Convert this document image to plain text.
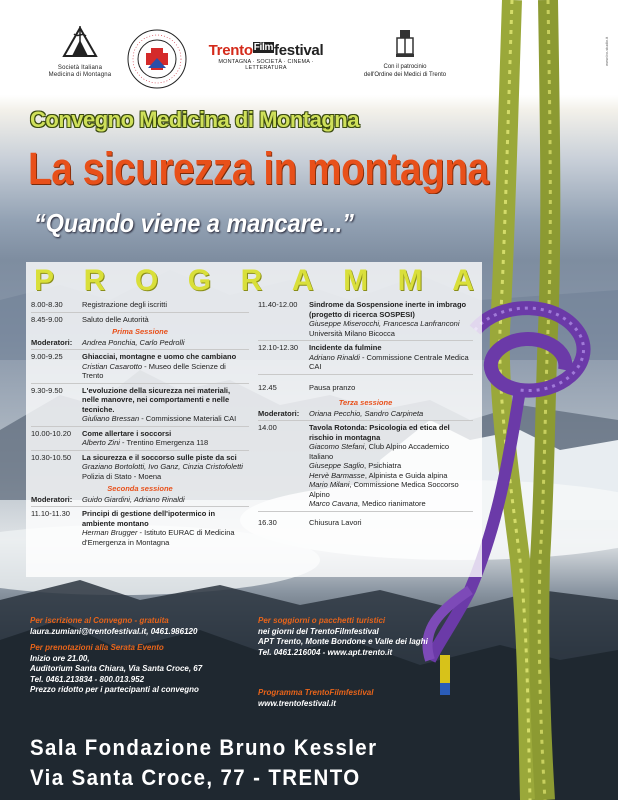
Società Italiana
Medicina di Montagna
Trento$^{Film}$festival
MONTAGNA · SOCIETÀ · CINEMA · LETTERATURA	Con il patrocinio
dell'Ordine dei Medici di Trento
www.bo-studio.it
Convegno Medicina di Montagna
La sicurezza in montagna
“Quando viene a mancare...”
P R O G R A M M A
8.00-8.30	Registrazione degli iscritti
8.45-9.00	Saluto delle Autorità
Prima Sessione
Moderatori:	Andrea Ponchia, Carlo Pedrolli
9.00-9.25	Ghiacciai, montagne e uomo che cambiano
Cristian Casarotto - Museo delle Scienze di Trento
9.30-9.50	L'evoluzione della sicurezza nei materiali, nelle manovre, nei comportamenti e nelle tecniche.
Giuliano Bressan - Commissione Materiali CAI
10.00-10.20	Come allertare i soccorsi
Alberto Zini - Trentino Emergenza 118
10.30-10.50	La sicurezza e il soccorso sulle piste da sci
Graziano Bortolotti, Ivo Ganz, Cinzia Cristofoletti
Polizia di Stato - Moena
Seconda sessione
Moderatori:	Guido Giardini, Adriano Rinaldi
11.10-11.30	Principi di gestione dell'ipotermico in ambiente montano
Herman Brugger - Istituto EURAC di Medicina d'Emergenza in Montagna
11.40-12.00	Sindrome da Sospensione inerte in imbrago (progetto di ricerca SOSPESI)
Giuseppe Miserocchi, Francesca Lanfranconi
Università Milano Bicocca
12.10-12.30	Incidente da fulmine
Adriano Rinaldi - Commissione Centrale Medica CAI
12.45	Pausa pranzo
Terza sessione
Moderatori:	Oriana Pecchio, Sandro Carpineta
14.00	Tavola Rotonda: Psicologia ed etica del rischio in montagna
Giacomo Stefani, Club Alpino Accademico Italiano
Giuseppe Saglio, Psichiatra
Hervè Barmasse, Alpinista e Guida alpina
Mario Milani, Commissione Medica Soccorso Alpino
Marco Cavana, Medico rianimatore
16.30	Chiusura Lavori
Per iscrizione al Convegno - gratuita
laura.zumiani@trentofestival.it, 0461.986120
Per prenotazioni alla Serata Evento
Inizio ore 21.00,
Auditorium Santa Chiara, Via Santa Croce, 67
Tel. 0461.213834 - 800.013.952
Prezzo ridotto per i partecipanti al convegno
Per soggiorni o pacchetti turistici
nei giorni del TrentoFilmfestival
APT Trento, Monte Bondone e Valle dei laghi
Tel. 0461.216004 - www.apt.trento.it
Programma TrentoFilmfestival
www.trentofestival.it
Sala Fondazione Bruno Kessler
Via Santa Croce, 77 - TRENTO
